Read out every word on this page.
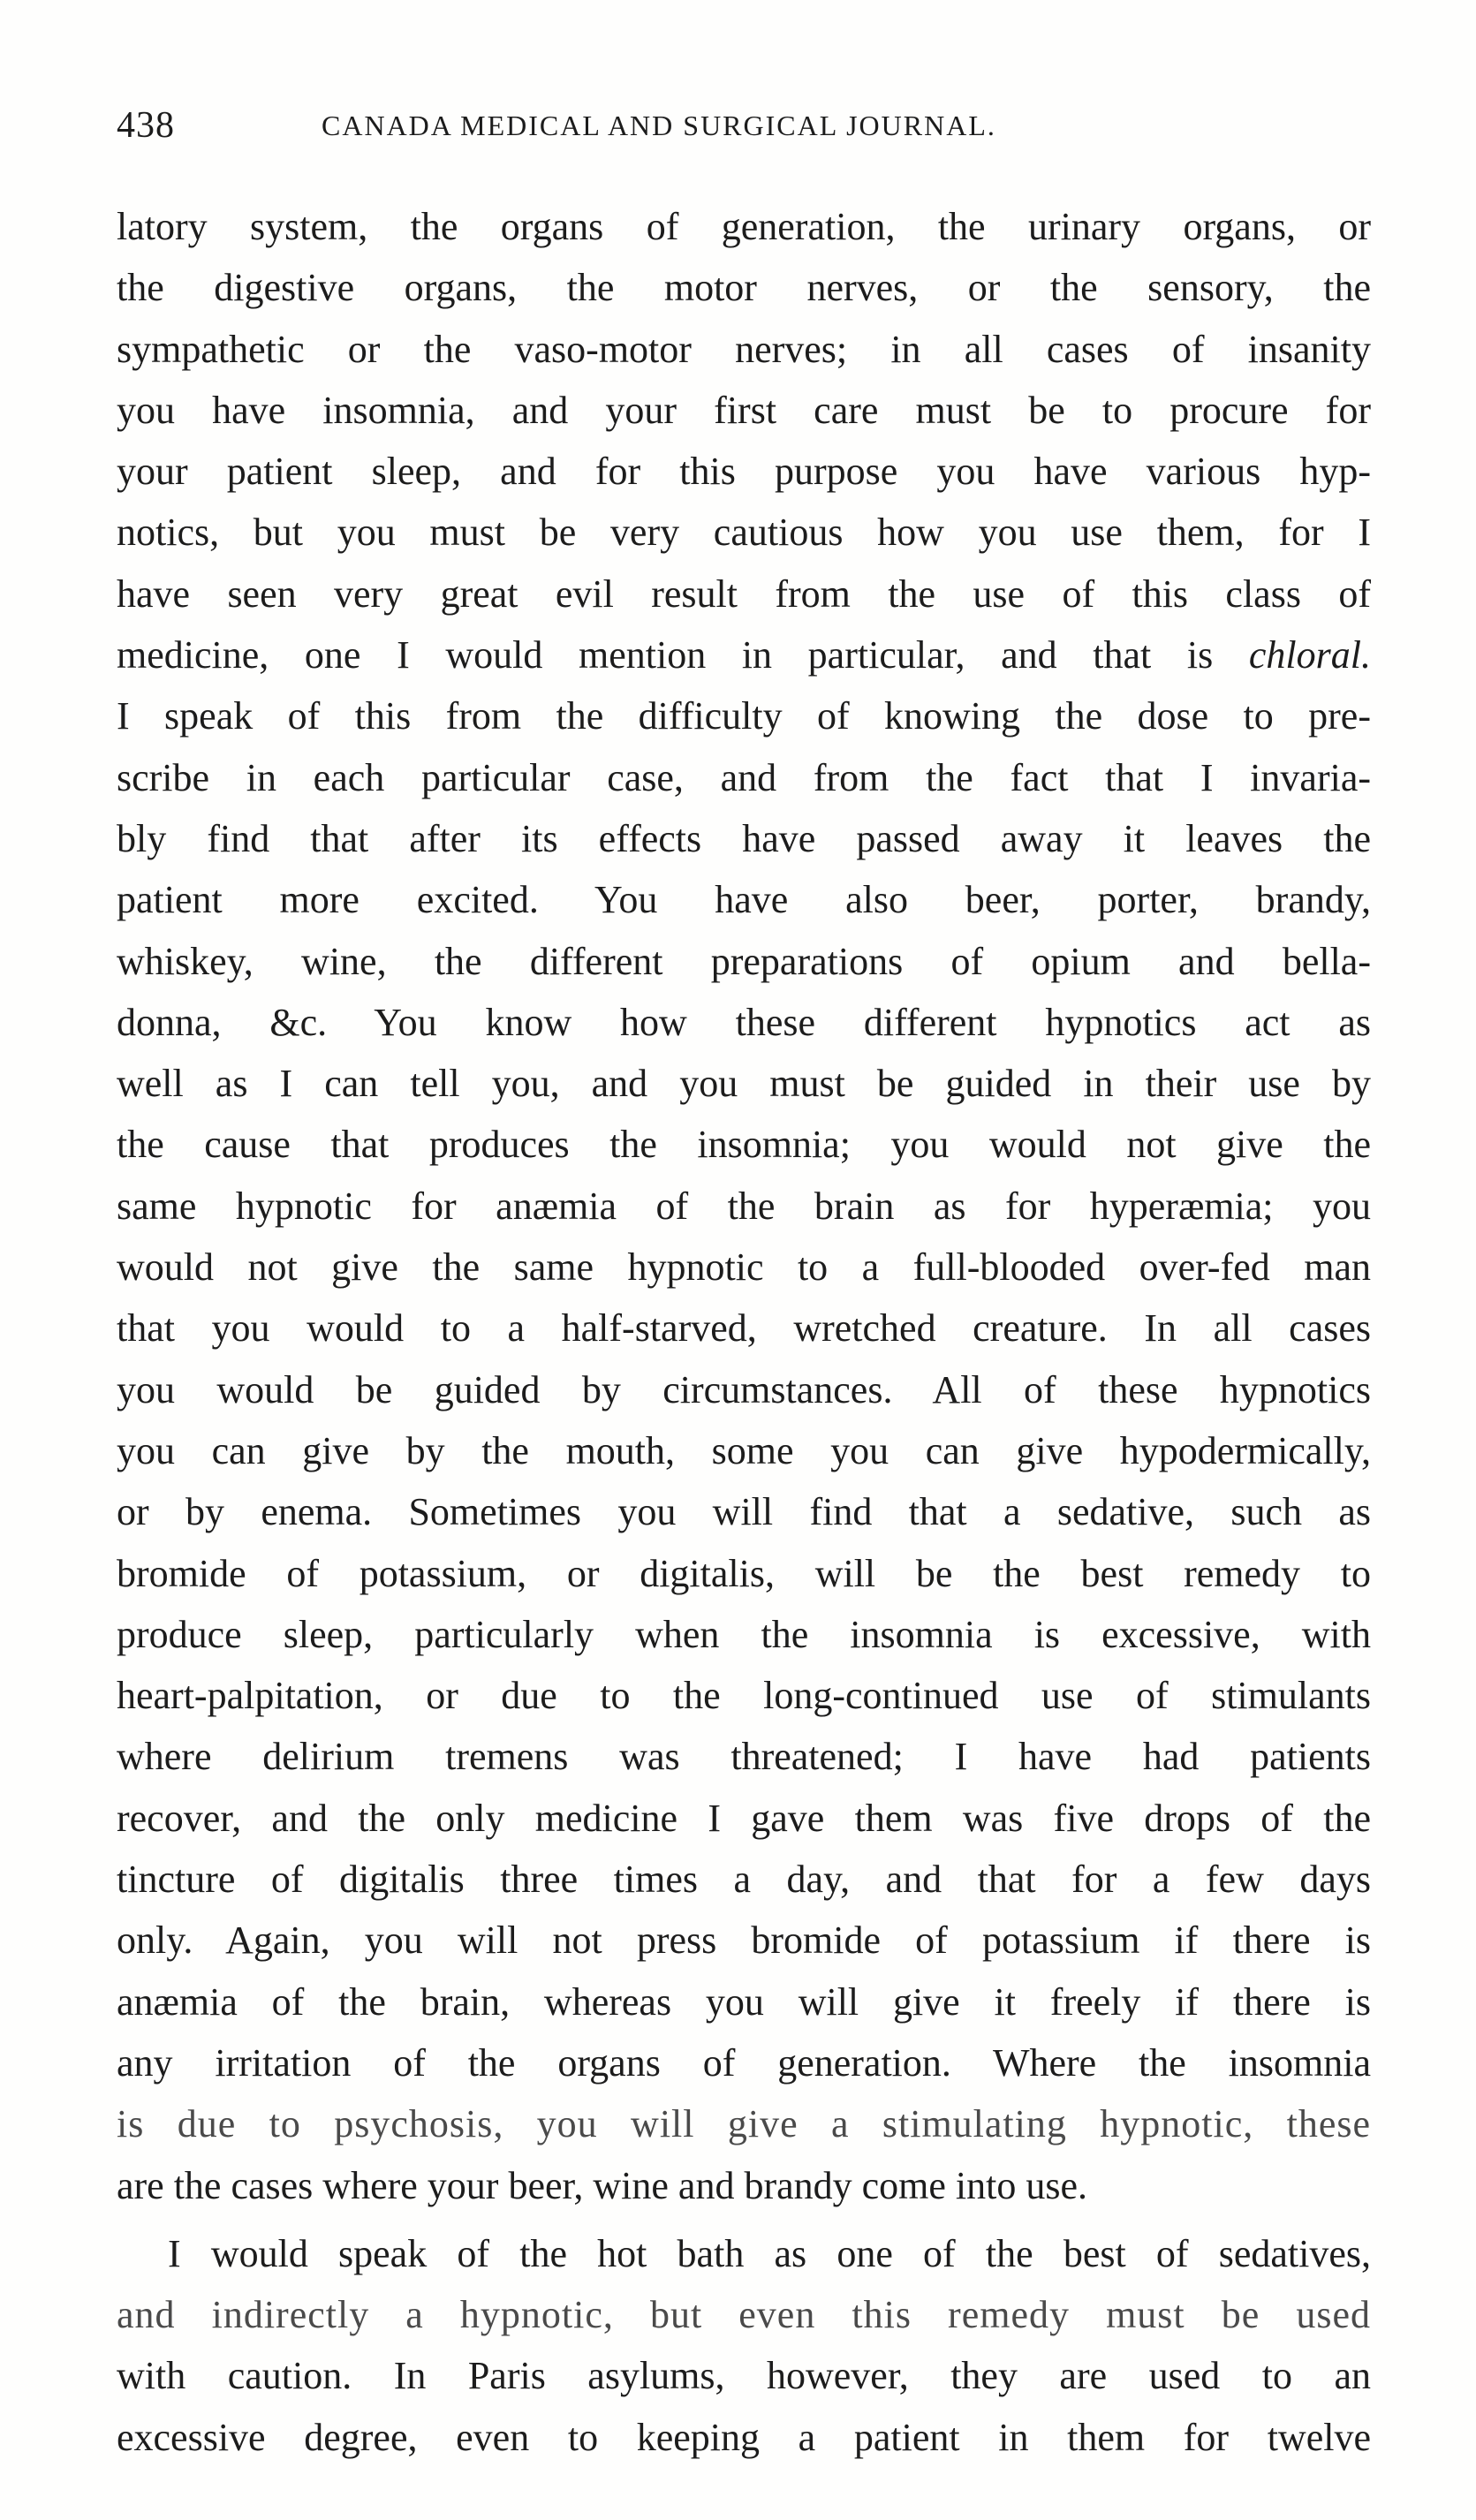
438	CANADA MEDICAL AND SURGICAL JOURNAL.
latory system, the organs of generation, the urinary organs, or
the digestive organs, the motor nerves, or the sensory, the
sympathetic or the vaso-motor nerves; in all cases of insanity
you have insomnia, and your first care must be to procure for
your patient sleep, and for this purpose you have various hyp-
notics, but you must be very cautious how you use them, for I
have seen very great evil result from the use of this class of
medicine, one I would mention in particular, and that is chloral.
I speak of this from the difficulty of knowing the dose to pre-
scribe in each particular case, and from the fact that I invaria-
bly find that after its effects have passed away it leaves the
patient more excited. You have also beer, porter, brandy,
whiskey, wine, the different preparations of opium and bella-
donna, &c. You know how these different hypnotics act as
well as I can tell you, and you must be guided in their use by
the cause that produces the insomnia; you would not give the
same hypnotic for anæmia of the brain as for hyperæmia; you
would not give the same hypnotic to a full-blooded over-fed man
that you would to a half-starved, wretched creature. In all cases
you would be guided by circumstances. All of these hypnotics
you can give by the mouth, some you can give hypodermically,
or by enema. Sometimes you will find that a sedative, such as
bromide of potassium, or digitalis, will be the best remedy to
produce sleep, particularly when the insomnia is excessive, with
heart-palpitation, or due to the long-continued use of stimulants
where delirium tremens was threatened; I have had patients
recover, and the only medicine I gave them was five drops of the
tincture of digitalis three times a day, and that for a few days
only. Again, you will not press bromide of potassium if there is
anæmia of the brain, whereas you will give it freely if there is
any irritation of the organs of generation. Where the insomnia
is due to psychosis, you will give a stimulating hypnotic, these
are the cases where your beer, wine and brandy come into use.
I would speak of the hot bath as one of the best of sedatives,
and indirectly a hypnotic, but even this remedy must be used
with caution. In Paris asylums, however, they are used to an
excessive degree, even to keeping a patient in them for twelve
